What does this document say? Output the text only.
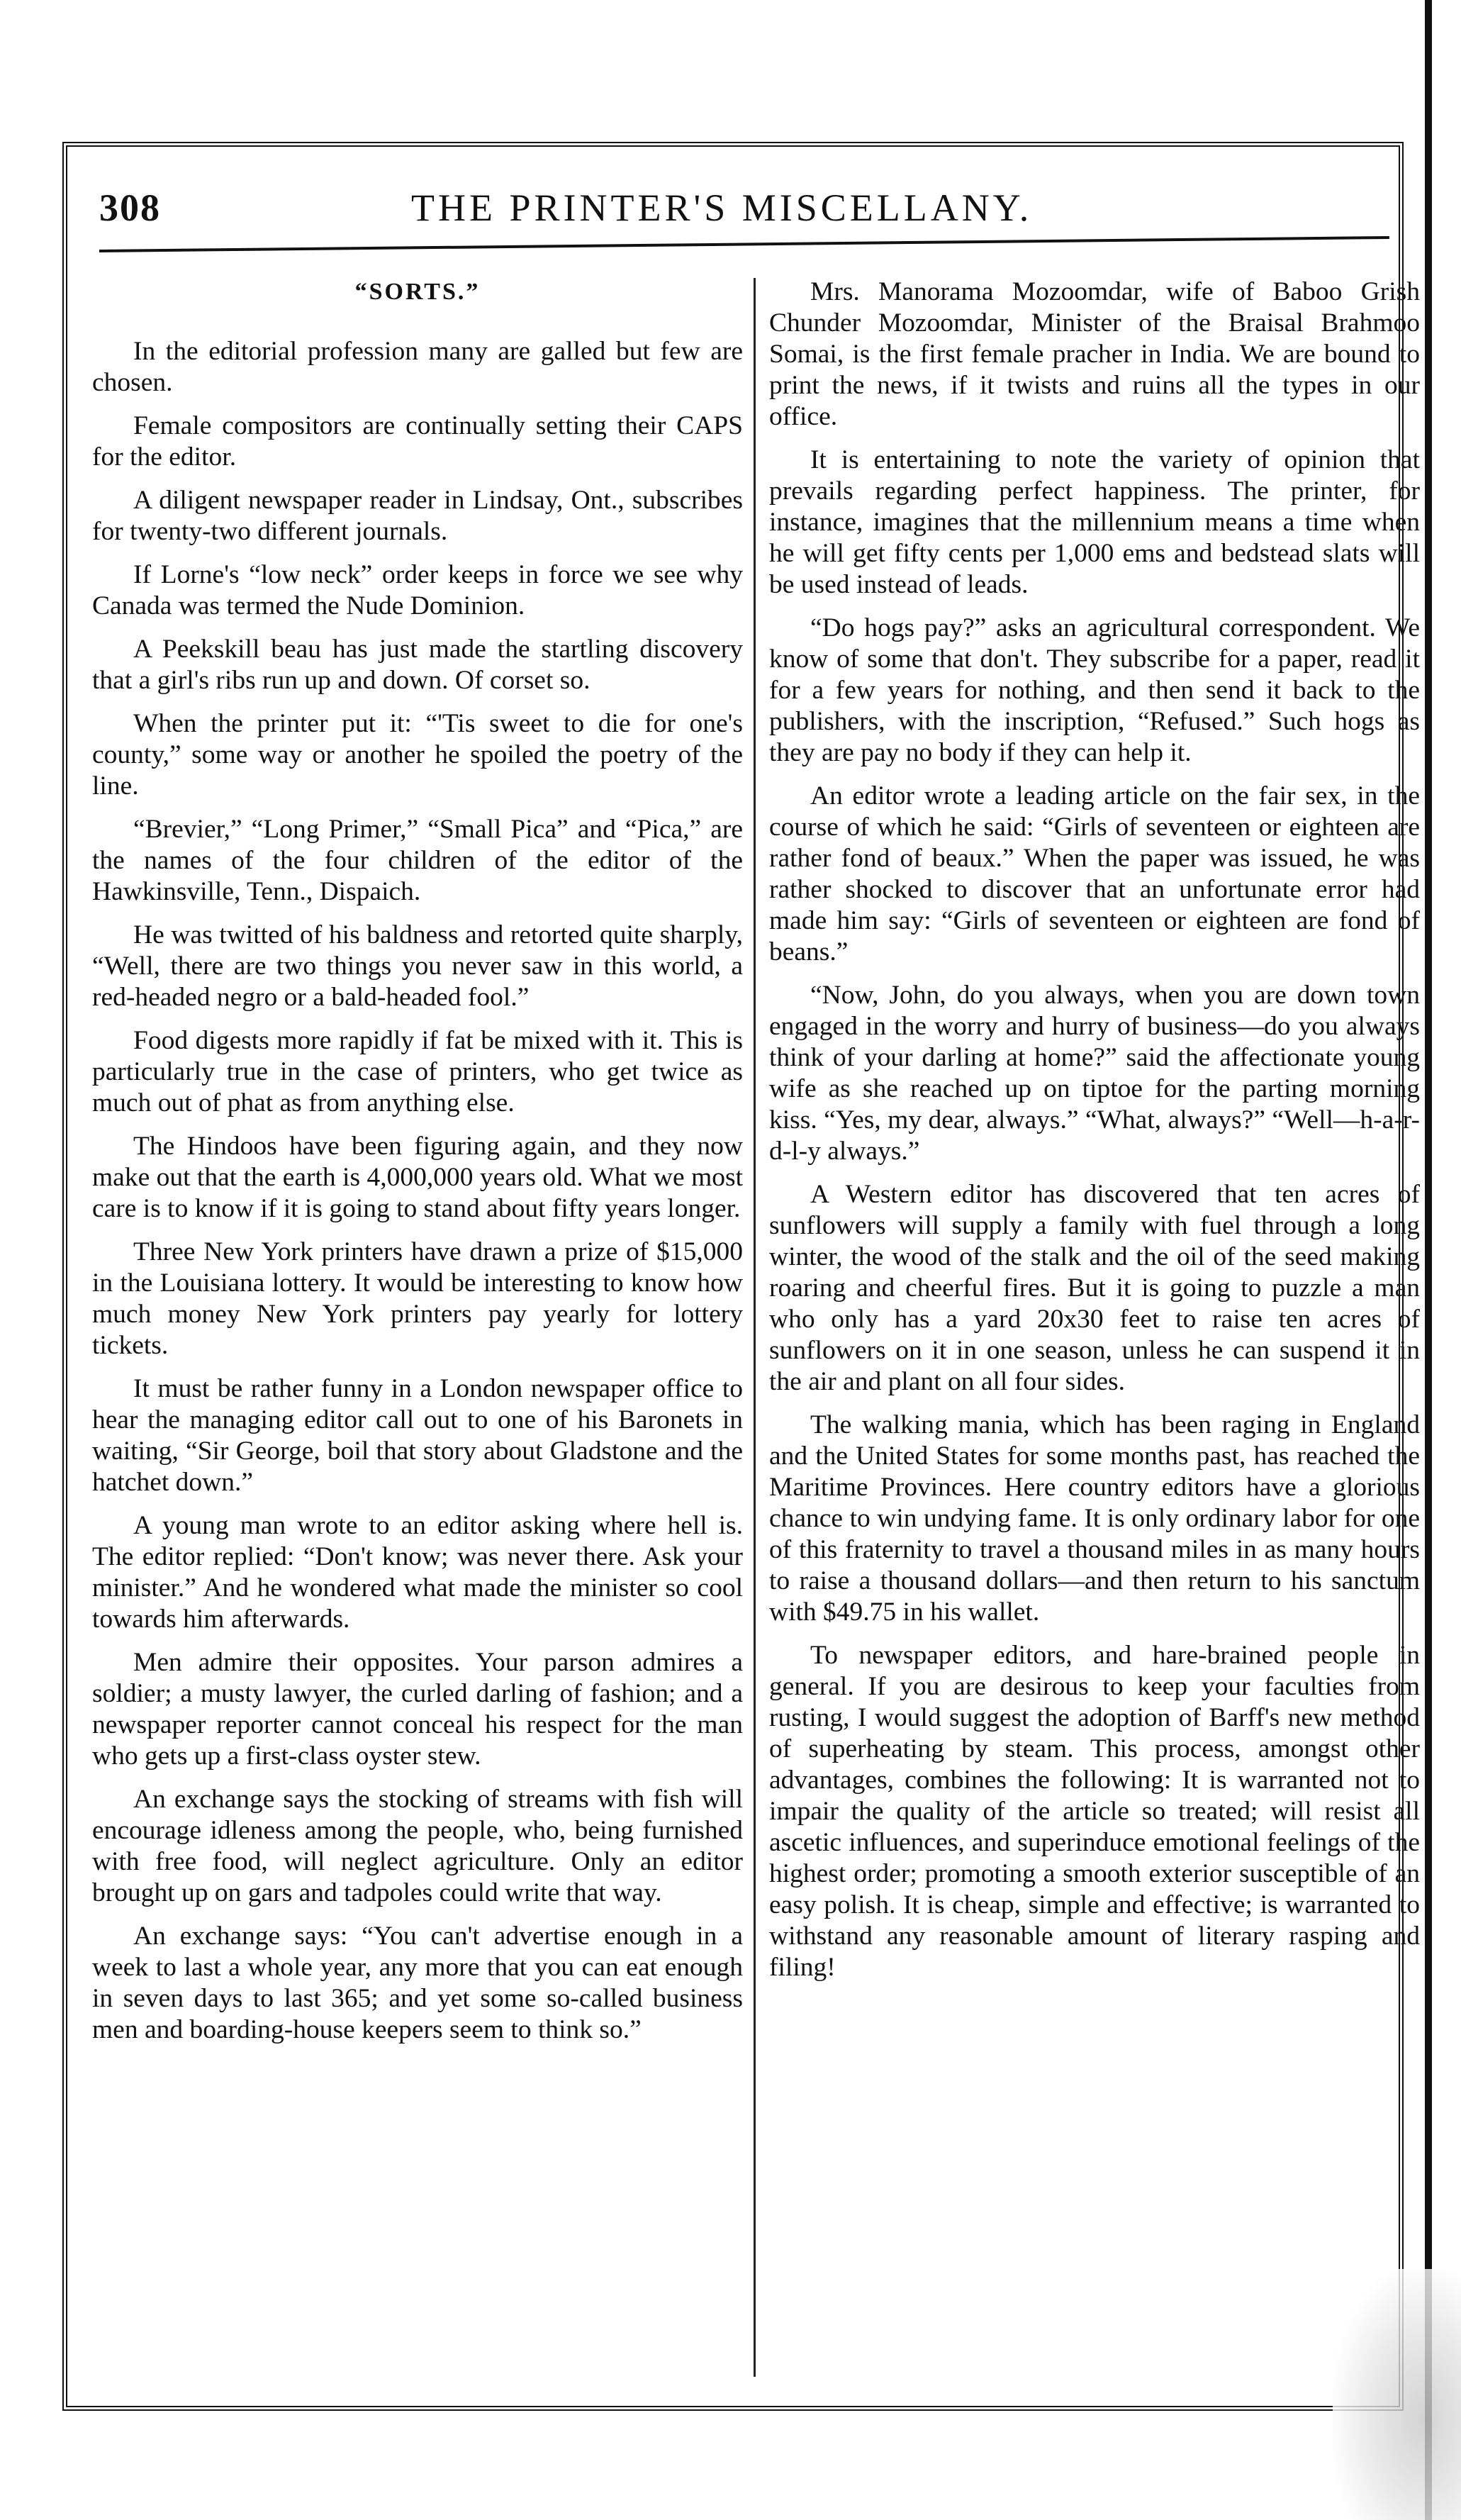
308	THE PRINTER'S MISCELLANY.
“SORTS.”

In the editorial profession many are galled but few are chosen.

Female compositors are continually setting their CAPS for the editor.

A diligent newspaper reader in Lindsay, Ont., subscribes for twenty-two different journals.

If Lorne's “low neck” order keeps in force we see why Canada was termed the Nude Dominion.

A Peekskill beau has just made the startling discovery that a girl's ribs run up and down. Of corset so.

When the printer put it: “'Tis sweet to die for one's county,” some way or another he spoiled the poetry of the line.

“Brevier,” “Long Primer,” “Small Pica” and “Pica,” are the names of the four children of the editor of the Hawkinsville, Tenn., Dispaich.

He was twitted of his baldness and retorted quite sharply, “Well, there are two things you never saw in this world, a red-headed negro or a bald-headed fool.”

Food digests more rapidly if fat be mixed with it. This is particularly true in the case of printers, who get twice as much out of phat as from anything else.

The Hindoos have been figuring again, and they now make out that the earth is 4,000,000 years old. What we most care is to know if it is going to stand about fifty years longer.

Three New York printers have drawn a prize of $15,000 in the Louisiana lottery. It would be interesting to know how much money New York printers pay yearly for lottery tickets.

It must be rather funny in a London newspaper office to hear the managing editor call out to one of his Baronets in waiting, “Sir George, boil that story about Gladstone and the hatchet down.”

A young man wrote to an editor asking where hell is. The editor replied: “Don't know; was never there. Ask your minister.” And he wondered what made the minister so cool towards him afterwards.

Men admire their opposites. Your parson admires a soldier; a musty lawyer, the curled darling of fashion; and a newspaper reporter cannot conceal his respect for the man who gets up a first-class oyster stew.

An exchange says the stocking of streams with fish will encourage idleness among the people, who, being furnished with free food, will neglect agriculture. Only an editor brought up on gars and tadpoles could write that way.

An exchange says: “You can't advertise enough in a week to last a whole year, any more that you can eat enough in seven days to last 365; and yet some so-called business men and boarding-house keepers seem to think so.”

Mrs. Manorama Mozoomdar, wife of Baboo Grish Chunder Mozoomdar, Minister of the Braisal Brahmoo Somai, is the first female pracher in India. We are bound to print the news, if it twists and ruins all the types in our office.

It is entertaining to note the variety of opinion that prevails regarding perfect happiness. The printer, for instance, imagines that the millennium means a time when he will get fifty cents per 1,000 ems and bedstead slats will be used instead of leads.

“Do hogs pay?” asks an agricultural correspondent. We know of some that don't. They subscribe for a paper, read it for a few years for nothing, and then send it back to the publishers, with the inscription, “Refused.” Such hogs as they are pay no body if they can help it.

An editor wrote a leading article on the fair sex, in the course of which he said: “Girls of seventeen or eighteen are rather fond of beaux.” When the paper was issued, he was rather shocked to discover that an unfortunate error had made him say: “Girls of seventeen or eighteen are fond of beans.”

“Now, John, do you always, when you are down town engaged in the worry and hurry of business—do you always think of your darling at home?” said the affectionate young wife as she reached up on tiptoe for the parting morning kiss. “Yes, my dear, always.” “What, always?” “Well—h-a-r-d-l-y always.”

A Western editor has discovered that ten acres of sunflowers will supply a family with fuel through a long winter, the wood of the stalk and the oil of the seed making roaring and cheerful fires. But it is going to puzzle a man who only has a yard 20x30 feet to raise ten acres of sunflowers on it in one season, unless he can suspend it in the air and plant on all four sides.

The walking mania, which has been raging in England and the United States for some months past, has reached the Maritime Provinces. Here country editors have a glorious chance to win undying fame. It is only ordinary labor for one of this fraternity to travel a thousand miles in as many hours to raise a thousand dollars—and then return to his sanctum with $49.75 in his wallet.

To newspaper editors, and hare-brained people in general. If you are desirous to keep your faculties from rusting, I would suggest the adoption of Barff's new method of superheating by steam. This process, amongst other advantages, combines the following: It is warranted not to impair the quality of the article so treated; will resist all ascetic influences, and superinduce emotional feelings of the highest order; promoting a smooth exterior susceptible of an easy polish. It is cheap, simple and effective; is warranted to withstand any reasonable amount of literary rasping and filing!
